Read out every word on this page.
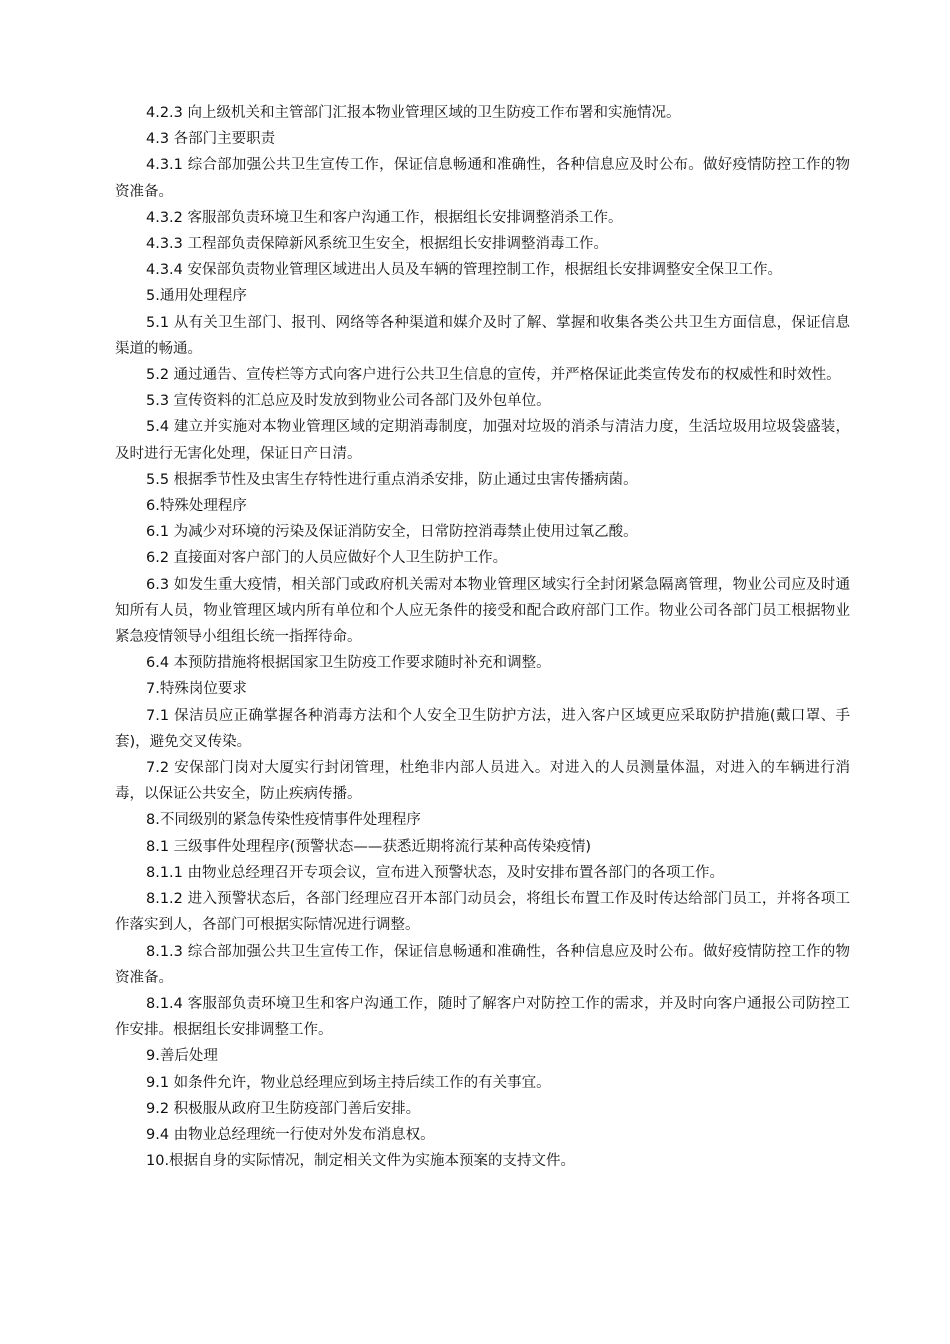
4.2.3 向上级机关和主管部门汇报本物业管理区域的卫生防疫工作布署和实施情况。

4.3 各部门主要职责

4.3.1 综合部加强公共卫生宣传工作，保证信息畅通和准确性，各种信息应及时公布。做好疫情防控工作的物资准备。

4.3.2 客服部负责环境卫生和客户沟通工作，根据组长安排调整消杀工作。

4.3.3 工程部负责保障新风系统卫生安全，根据组长安排调整消毒工作。

4.3.4 安保部负责物业管理区域进出人员及车辆的管理控制工作，根据组长安排调整安全保卫工作。

5.通用处理程序

5.1 从有关卫生部门、报刊、网络等各种渠道和媒介及时了解、掌握和收集各类公共卫生方面信息，保证信息渠道的畅通。

5.2 通过通告、宣传栏等方式向客户进行公共卫生信息的宣传，并严格保证此类宣传发布的权威性和时效性。

5.3 宣传资料的汇总应及时发放到物业公司各部门及外包单位。

5.4 建立并实施对本物业管理区域的定期消毒制度，加强对垃圾的消杀与清洁力度，生活垃圾用垃圾袋盛装，及时进行无害化处理，保证日产日清。

5.5 根据季节性及虫害生存特性进行重点消杀安排，防止通过虫害传播病菌。

6.特殊处理程序

6.1 为减少对环境的污染及保证消防安全，日常防控消毒禁止使用过氧乙酸。

6.2 直接面对客户部门的人员应做好个人卫生防护工作。

6.3 如发生重大疫情，相关部门或政府机关需对本物业管理区域实行全封闭紧急隔离管理，物业公司应及时通知所有人员，物业管理区域内所有单位和个人应无条件的接受和配合政府部门工作。物业公司各部门员工根据物业紧急疫情领导小组组长统一指挥待命。

6.4 本预防措施将根据国家卫生防疫工作要求随时补充和调整。

7.特殊岗位要求

7.1 保洁员应正确掌握各种消毒方法和个人安全卫生防护方法，进入客户区域更应采取防护措施(戴口罩、手套)，避免交叉传染。

7.2 安保部门岗对大厦实行封闭管理，杜绝非内部人员进入。对进入的人员测量体温，对进入的车辆进行消毒，以保证公共安全，防止疾病传播。

8.不同级别的紧急传染性疫情事件处理程序

8.1 三级事件处理程序(预警状态——获悉近期将流行某种高传染疫情)

8.1.1 由物业总经理召开专项会议，宣布进入预警状态，及时安排布置各部门的各项工作。

8.1.2 进入预警状态后，各部门经理应召开本部门动员会，将组长布置工作及时传达给部门员工，并将各项工作落实到人，各部门可根据实际情况进行调整。

8.1.3 综合部加强公共卫生宣传工作，保证信息畅通和准确性，各种信息应及时公布。做好疫情防控工作的物资准备。

8.1.4 客服部负责环境卫生和客户沟通工作，随时了解客户对防控工作的需求，并及时向客户通报公司防控工作安排。根据组长安排调整工作。

9.善后处理

9.1 如条件允许，物业总经理应到场主持后续工作的有关事宜。

9.2 积极服从政府卫生防疫部门善后安排。

9.4 由物业总经理统一行使对外发布消息权。

10.根据自身的实际情况，制定相关文件为实施本预案的支持文件。
